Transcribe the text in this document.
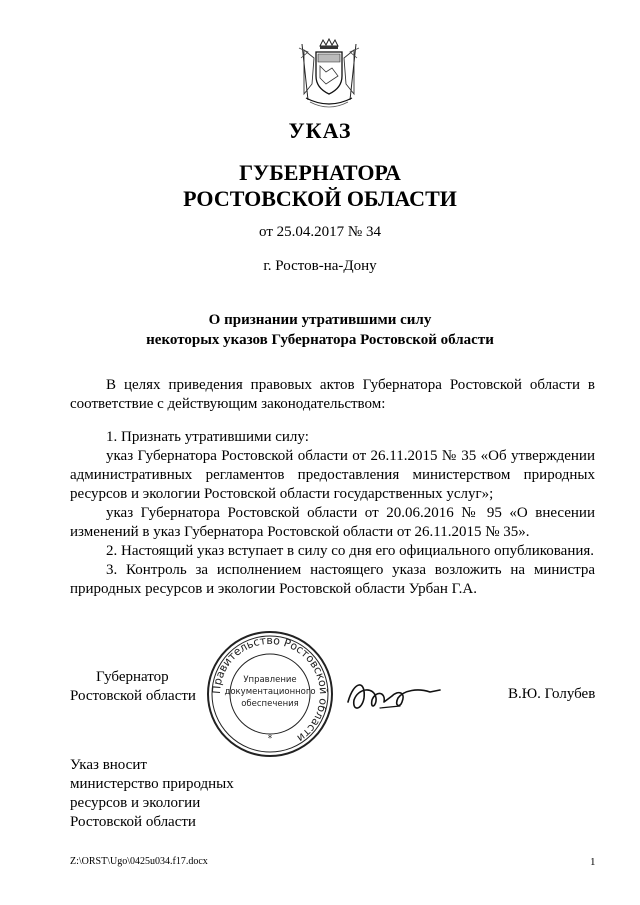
УКАЗ
ГУБЕРНАТОРА
РОСТОВСКОЙ ОБЛАСТИ
от 25.04.2017 № 34
г. Ростов-на-Дону
О признании утратившими силу
некоторых указов Губернатора Ростовской области

В целях приведения правовых актов Губернатора Ростовской области в соответствие с действующим законодательством:

1. Признать утратившими силу:

указ Губернатора Ростовской области от 26.11.2015 № 35 «Об утверждении административных регламентов предоставления министерством природных ресурсов и экологии Ростовской области государственных услуг»;

указ Губернатора Ростовской области от 20.06.2016 № 95 «О внесении изменений в указ Губернатора Ростовской области от 26.11.2015 № 35».

2. Настоящий указ вступает в силу со дня его официального опубликования.

3. Контроль за исполнением настоящего указа возложить на министра природных ресурсов и экологии Ростовской области Урбан Г.А.

Губернатор
Ростовской области Правительство Ростовской области
Управление
документационного
обеспечения
*
В.Ю. Голубев
Указ вносит
министерство природных
ресурсов и экологии
Ростовской области
Z:\ORST\Ugo\0425u034.f17.docx	1
